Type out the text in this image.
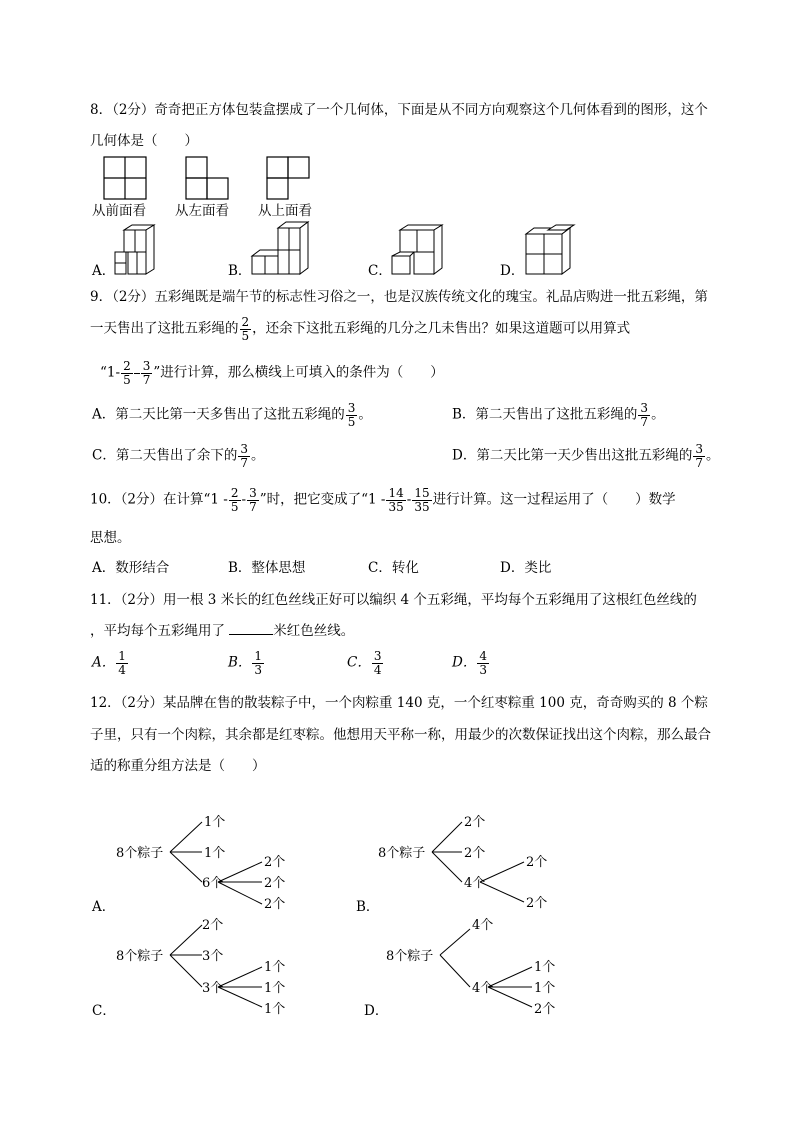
8．（2分）奇奇把正方体包装盒摆成了一个几何体，下面是从不同方向观察这个几何体看到的图形，这个
几何体是（　　）
从前面看 从左面看 从上面看
A．	B．	C．	D．
9．（2分）五彩绳既是端午节的标志性习俗之一，也是汉族传统文化的瑰宝。礼品店购进一批五彩绳，第
一天售出了这批五彩绳的 $\frac{2}{5}$ ，还余下这批五彩绳的几分之几未售出？如果这道题可以用算式
“$1- \frac{2}{5} \frac{3}{7}$ ”进行计算，那么横线上可填入的条件为（　　）
A．第二天比第一天多售出了这批五彩绳的 $\frac{3}{5}$ 。	B．第二天售出了这批五彩绳的 $\frac{3}{7}$ 。
C．第二天售出了余下的 $\frac{3}{7}$ 。	D．第二天比第一天少售出这批五彩绳的 $\frac{3}{7}$ 。
10．（2分）在计算“$1 - \frac{2}{5} - \frac{3}{7}$ ”时，把它变成了“$1 - \frac{14}{35} - \frac{15}{35}$ 进行计算。这一过程运用了（　　）数学
思想。
A．数形结合	B．整体思想	C．转化	D．类比
11．（2分）用一根 3 米长的红色丝线正好可以编织 4 个五彩绳，平均每个五彩绳用了这根红色丝线的
，平均每个五彩绳用了	米红色丝线。
A． $\frac{1}{4}$	B． $\frac{1}{3}$	C． $\frac{3}{4}$	D． $\frac{4}{3}$
12．（2分）某品牌在售的散装粽子中，一个肉粽重 140 克，一个红枣粽重 100 克，奇奇购买的 8 个粽
子里，只有一个肉粽，其余都是红枣粽。他想用天平称一称，用最少的次数保证找出这个肉粽，那么最合
适的称重分组方法是（　　）
8个粽子
1个
1个
6个
2个
2个
2个
A．
8个粽子
2个
2个
4个
2个
2个
B．
8个粽子
2个
3个
3个
1个
1个
1个
C．
8个粽子
4个
4个
1个
1个
2个
D．
